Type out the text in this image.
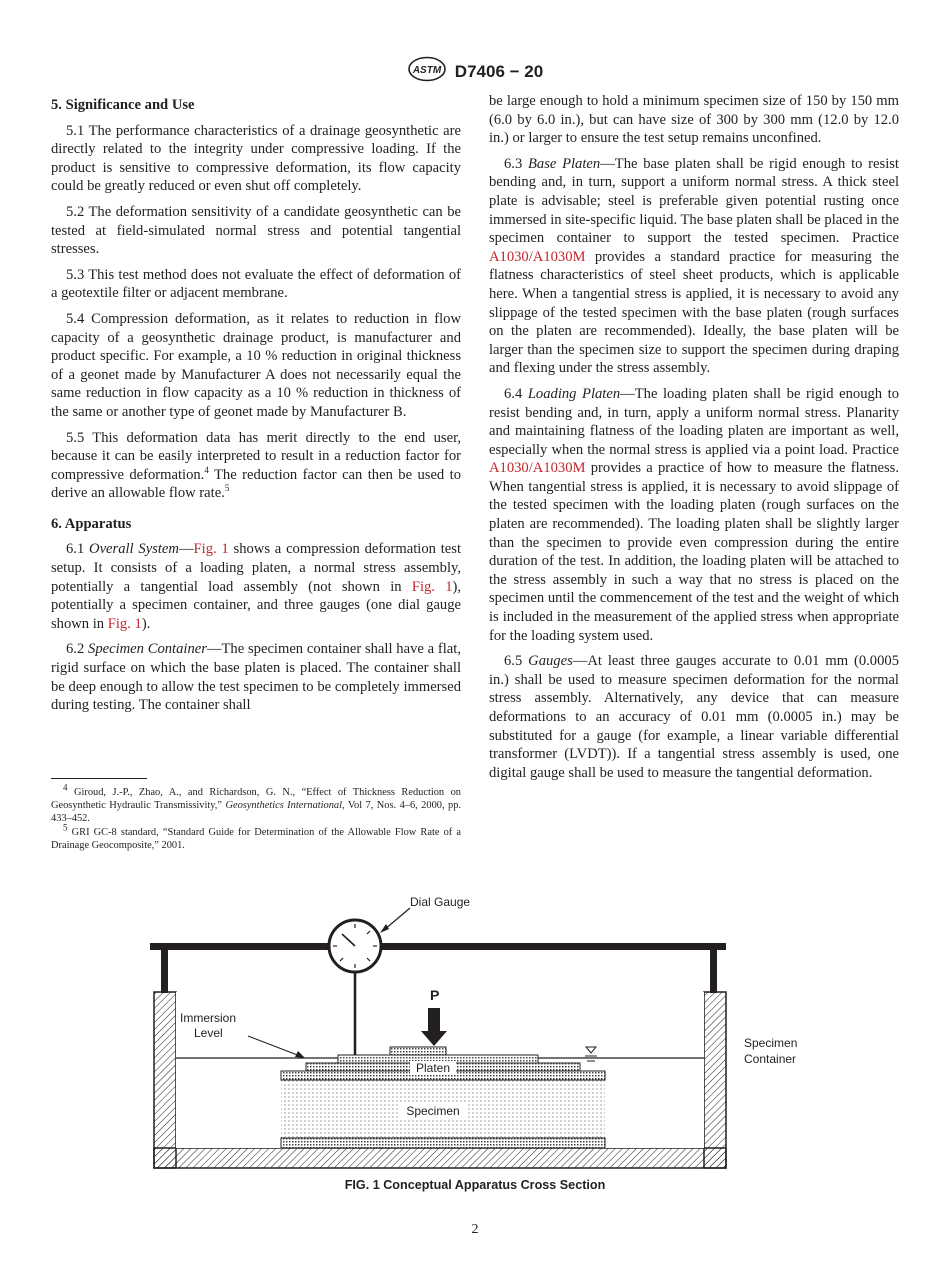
ASTM D7406 − 20
5. Significance and Use

5.1 The performance characteristics of a drainage geosynthetic are directly related to the integrity under compressive loading. If the product is sensitive to compressive deformation, its flow capacity could be greatly reduced or even shut off completely.

5.2 The deformation sensitivity of a candidate geosynthetic can be tested at field-simulated normal stress and potential tangential stresses.

5.3 This test method does not evaluate the effect of deformation of a geotextile filter or adjacent membrane.

5.4 Compression deformation, as it relates to reduction in flow capacity of a geosynthetic drainage product, is manufacturer and product specific. For example, a 10 % reduction in original thickness of a geonet made by Manufacturer A does not necessarily equal the same reduction in flow capacity as a 10 % reduction in thickness of the same or another type of geonet made by Manufacturer B.

5.5 This deformation data has merit directly to the end user, because it can be easily interpreted to result in a reduction factor for compressive deformation.$^4$ The reduction factor can then be used to derive an allowable flow rate.$^5$

6. Apparatus

6.1 Overall System—Fig. 1 shows a compression deformation test setup. It consists of a loading platen, a normal stress assembly, potentially a tangential load assembly (not shown in Fig. 1), potentially a specimen container, and three gauges (one dial gauge shown in Fig. 1).

6.2 Specimen Container—The specimen container shall have a flat, rigid surface on which the base platen is placed. The container shall be deep enough to allow the test specimen to be completely immersed during testing. The container shall

$^4$ Giroud, J.-P., Zhao, A., and Richardson, G. N., “Effect of Thickness Reduction on Geosynthetic Hydraulic Transmissivity,” Geosynthetics International, Vol 7, Nos. 4–6, 2000, pp. 433–452.

$^5$ GRI GC-8 standard, “Standard Guide for Determination of the Allowable Flow Rate of a Drainage Geocomposite,” 2001.

be large enough to hold a minimum specimen size of 150 by 150 mm (6.0 by 6.0 in.), but can have size of 300 by 300 mm (12.0 by 12.0 in.) or larger to ensure the test setup remains unconfined.

6.3 Base Platen—The base platen shall be rigid enough to resist bending and, in turn, support a uniform normal stress. A thick steel plate is advisable; steel is preferable given potential rusting once immersed in site-specific liquid. The base platen shall be placed in the specimen container to support the tested specimen. Practice A1030/A1030M provides a standard practice for measuring the flatness characteristics of steel sheet products, which is applicable here. When a tangential stress is applied, it is necessary to avoid any slippage of the tested specimen with the base platen (rough surfaces on the platen are recommended). Ideally, the base platen will be larger than the specimen size to support the specimen during draping and flexing under the stress assembly.

6.4 Loading Platen—The loading platen shall be rigid enough to resist bending and, in turn, apply a uniform normal stress. Planarity and maintaining flatness of the loading platen are important as well, especially when the normal stress is applied via a point load. Practice A1030/A1030M provides a practice of how to measure the flatness. When tangential stress is applied, it is necessary to avoid slippage of the tested specimen with the loading platen (rough surfaces on the platen are recommended). The loading platen shall be slightly larger than the specimen to provide even compression during the entire duration of the test. In addition, the loading platen will be attached to the stress assembly in such a way that no stress is placed on the specimen until the commencement of the test and the weight of which is included in the measurement of the applied stress when appropriate for the loading system used.

6.5 Gauges—At least three gauges accurate to 0.01 mm (0.0005 in.) shall be used to measure specimen deformation for the normal stress assembly. Alternatively, any device that can measure deformations to an accuracy of 0.01 mm (0.0005 in.) may be substituted for a gauge (for example, a linear variable differential transformer (LVDT)). If a tangential stress assembly is used, one digital gauge shall be used to measure the tangential deformation.

Dial Gauge
P
Immersion
Level
Platen
Specimen
Specimen
Container
FIG. 1 Conceptual Apparatus Cross Section
2
